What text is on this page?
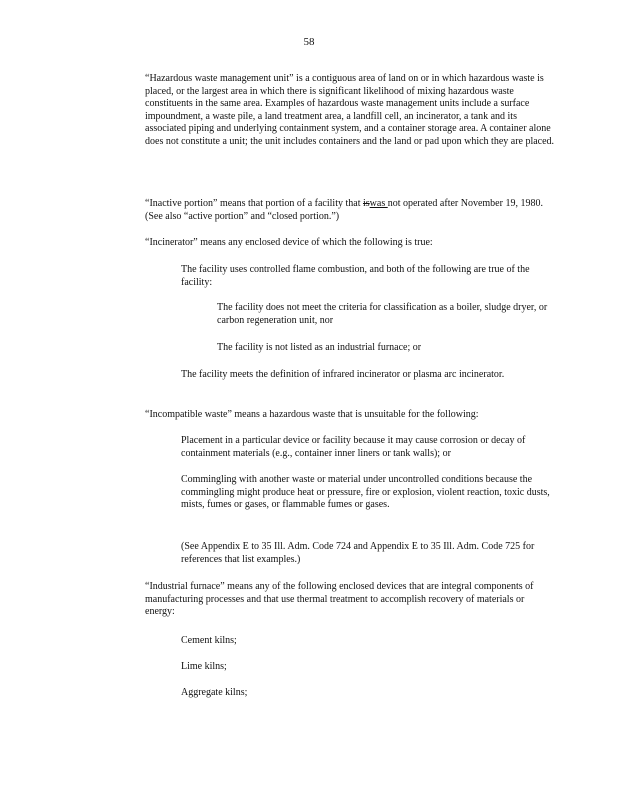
58

“Hazardous waste management unit” is a contiguous area of land on or in which hazardous waste is placed, or the largest area in which there is significant likelihood of mixing hazardous waste constituents in the same area. Examples of hazardous waste management units include a surface impoundment, a waste pile, a land treatment area, a landfill cell, an incinerator, a tank and its associated piping and underlying containment system, and a container storage area. A container alone does not constitute a unit; the unit includes containers and the land or pad upon which they are placed.

“Inactive portion” means that portion of a facility that iswas not operated after November 19, 1980. (See also “active portion” and “closed portion.”)

“Incinerator” means any enclosed device of which the following is true:

The facility uses controlled flame combustion, and both of the following are true of the facility:

The facility does not meet the criteria for classification as a boiler, sludge dryer, or carbon regeneration unit, nor

The facility is not listed as an industrial furnace; or

The facility meets the definition of infrared incinerator or plasma arc incinerator.

“Incompatible waste” means a hazardous waste that is unsuitable for the following:

Placement in a particular device or facility because it may cause corrosion or decay of containment materials (e.g., container inner liners or tank walls); or

Commingling with another waste or material under uncontrolled conditions because the commingling might produce heat or pressure, fire or explosion, violent reaction, toxic dusts, mists, fumes or gases, or flammable fumes or gases.

(See Appendix E to 35 Ill. Adm. Code 724 and Appendix E to 35 Ill. Adm. Code 725 for references that list examples.)

“Industrial furnace” means any of the following enclosed devices that are integral components of manufacturing processes and that use thermal treatment to accomplish recovery of materials or energy:

Cement kilns;

Lime kilns;

Aggregate kilns;
